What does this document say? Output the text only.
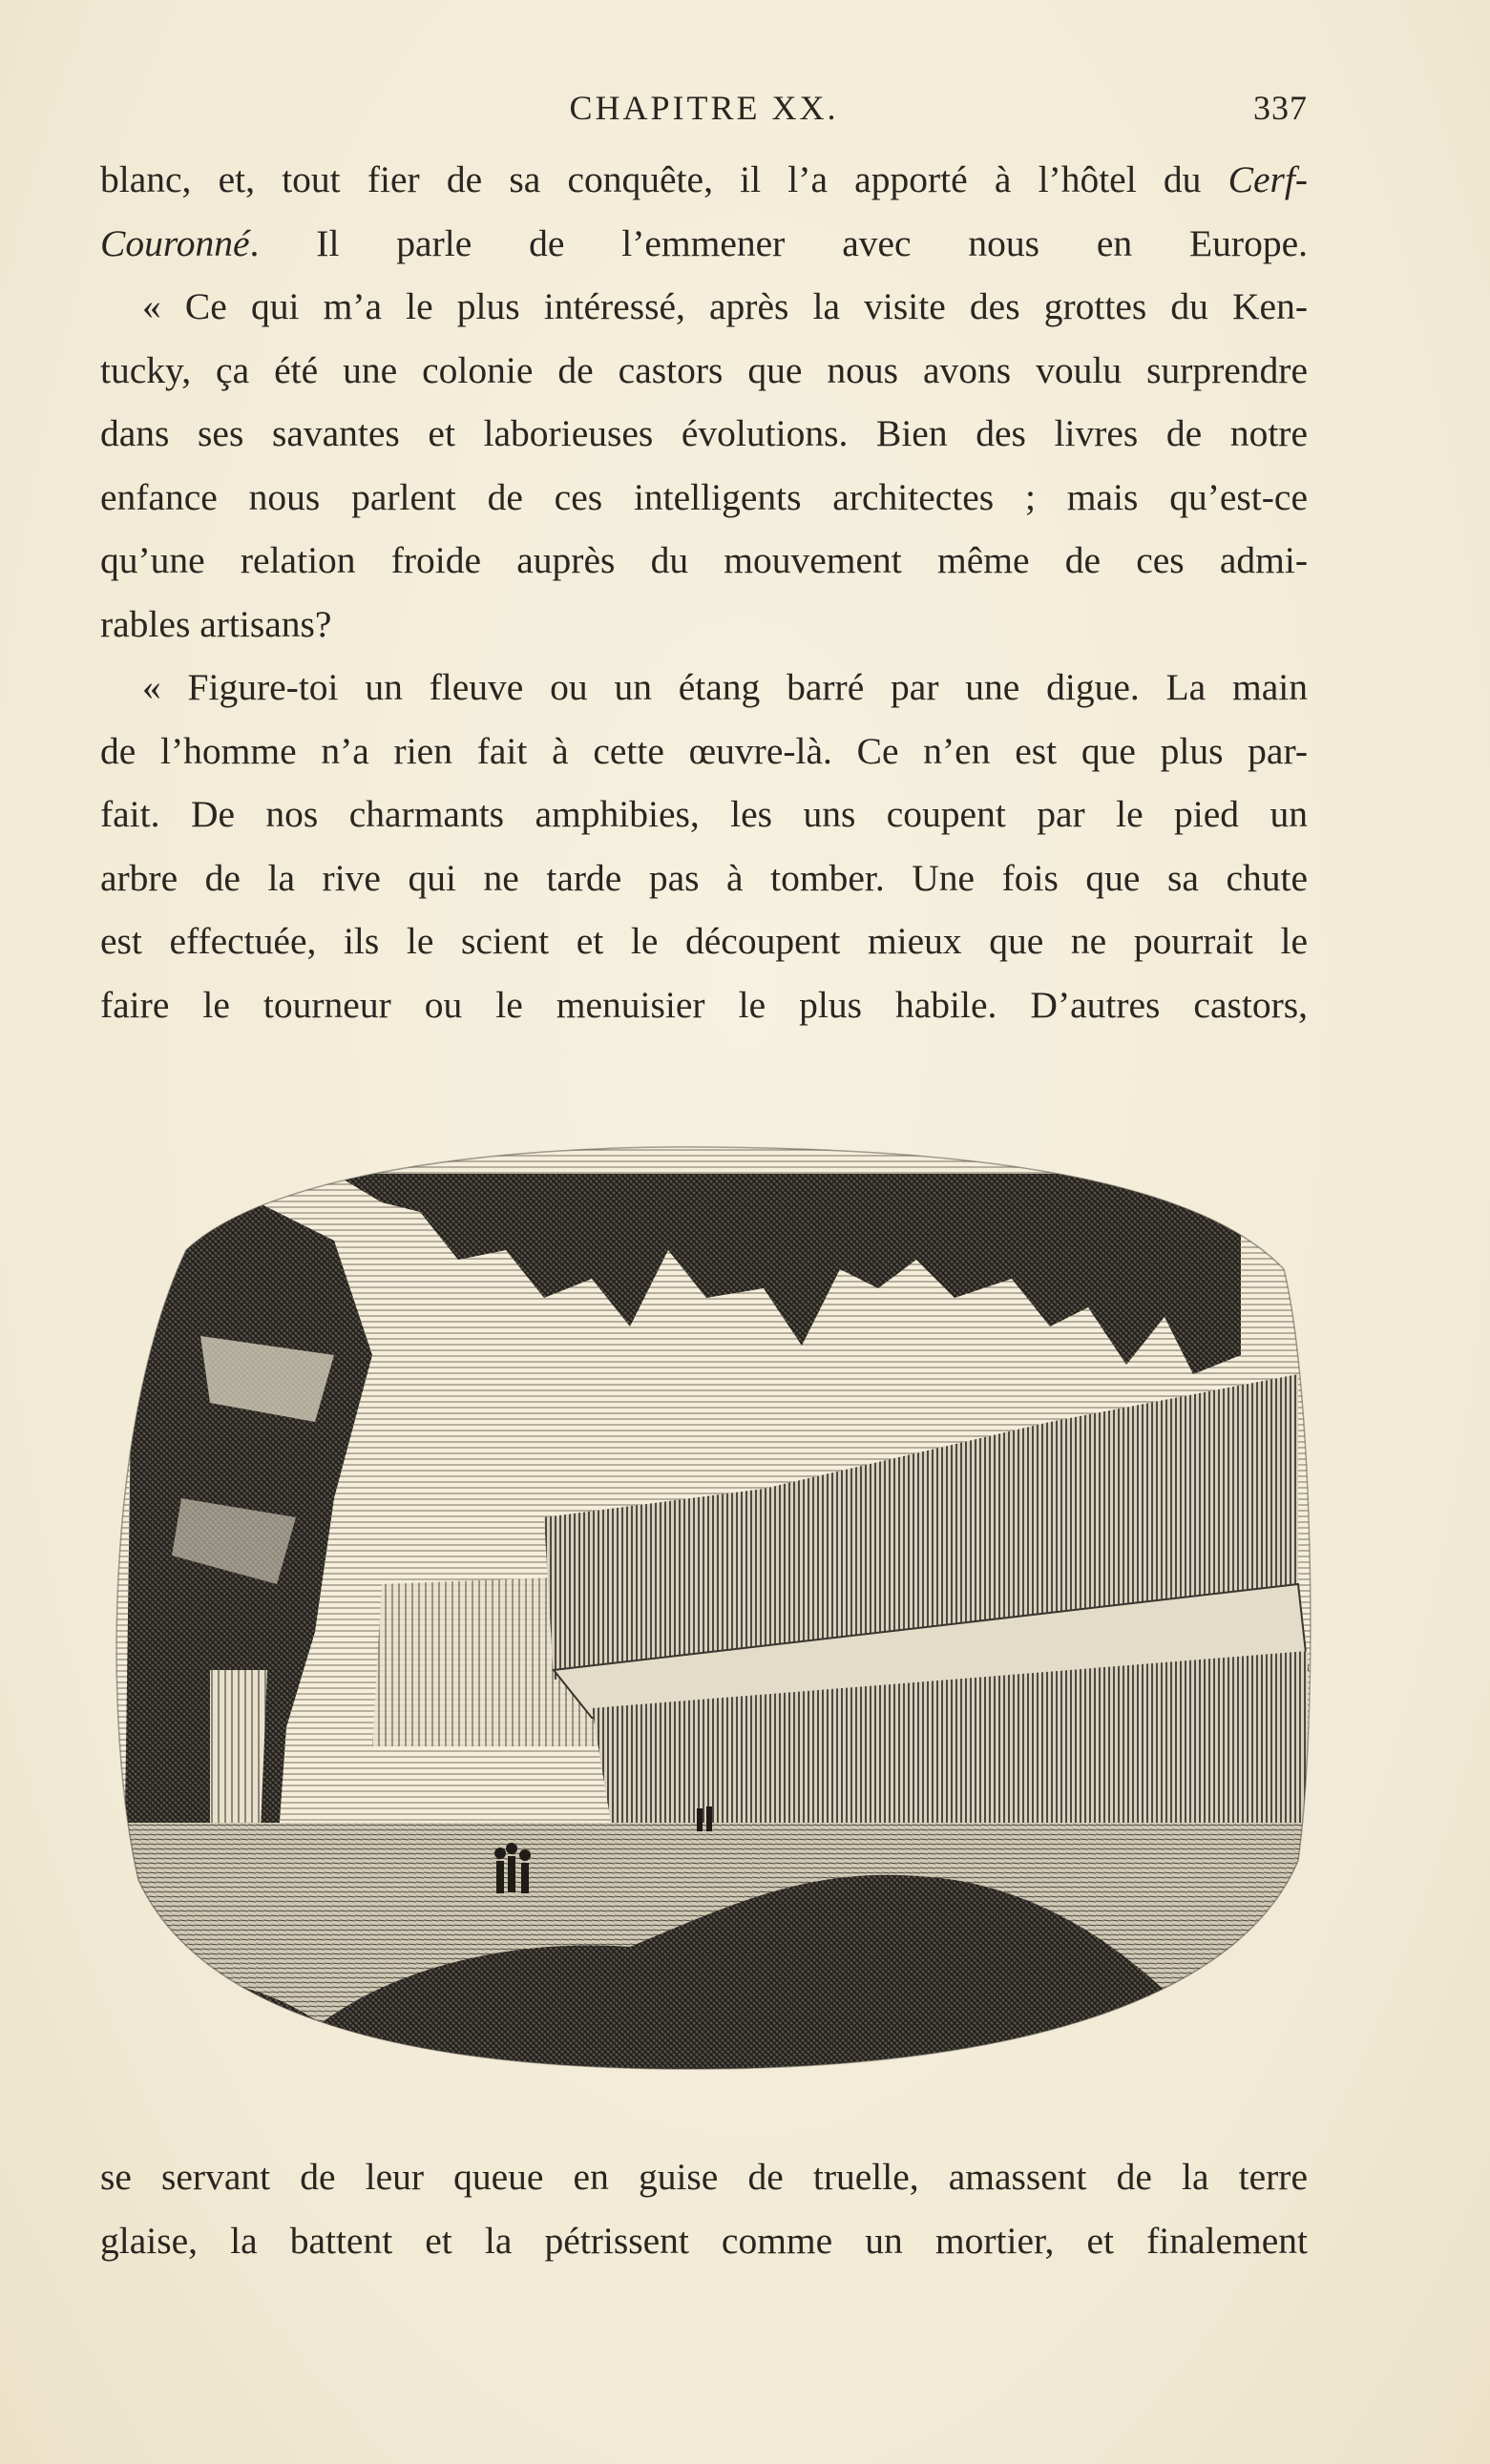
CHAPITRE XX.	337
blanc, et, tout fier de sa conquête, il l’a apporté à l’hôtel du Cerf-
Couronné. Il parle de l’emmener avec nous en Europe.
« Ce qui m’a le plus intéressé, après la visite des grottes du Ken-
tucky, ça été une colonie de castors que nous avons voulu surprendre
dans ses savantes et laborieuses évolutions. Bien des livres de notre
enfance nous parlent de ces intelligents architectes ; mais qu’est-ce
qu’une relation froide auprès du mouvement même de ces admi-
rables artisans?
« Figure-toi un fleuve ou un étang barré par une digue. La main
de l’homme n’a rien fait à cette œuvre-là. Ce n’en est que plus par-
fait. De nos charmants amphibies, les uns coupent par le pied un
arbre de la rive qui ne tarde pas à tomber. Une fois que sa chute
est effectuée, ils le scient et le découpent mieux que ne pourrait le
faire le tourneur ou le menuisier le plus habile. D’autres castors,
se servant de leur queue en guise de truelle, amassent de la terre
glaise, la battent et la pétrissent comme un mortier, et finalement
